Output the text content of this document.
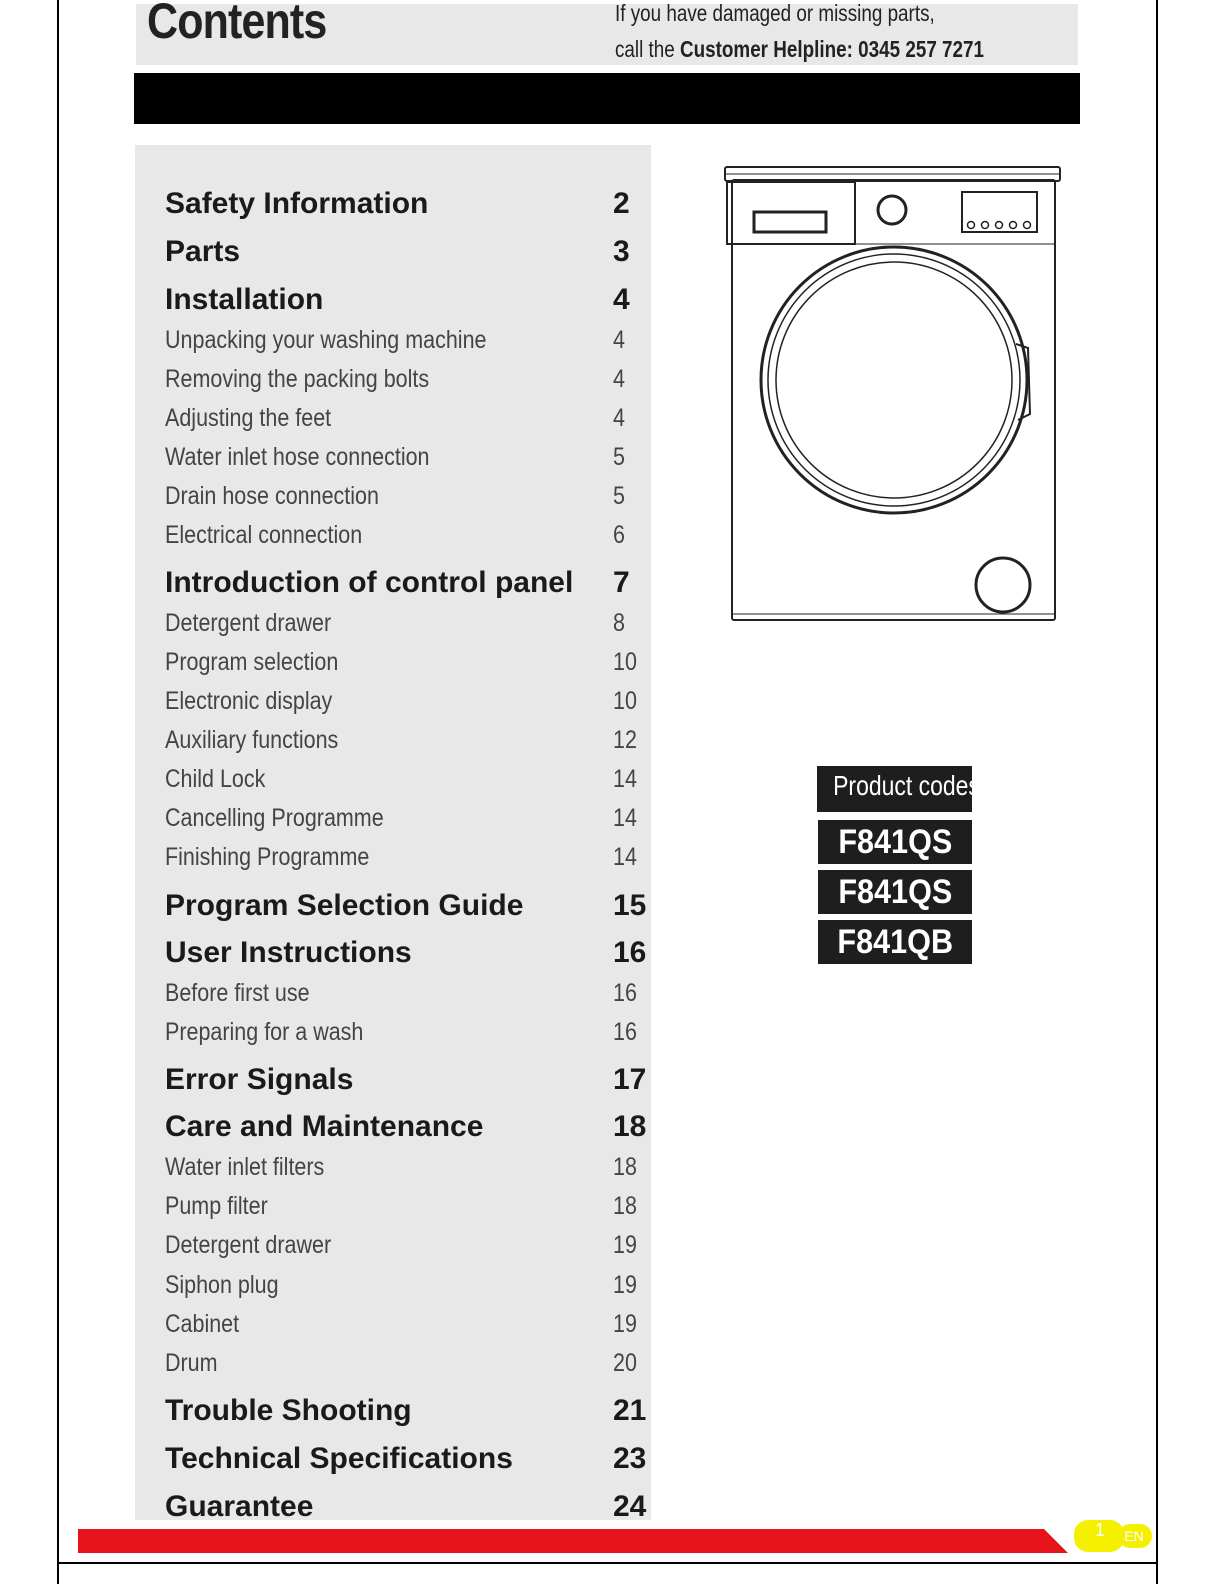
Contents	If you have damaged or missing parts,
call the Customer Helpline: 0345 257 7271
Safety Information	2
Parts	3
Installation	4
Unpacking your washing machine	4
Removing the packing bolts	4
Adjusting the feet	4
Water inlet hose connection	5
Drain hose connection	5
Electrical connection	6
Introduction of control panel 7
Detergent drawer	8
Program selection	10
Electronic display	10
Auxiliary functions	12
Child Lock	14
Cancelling Programme	14
Finishing Programme	14
Program Selection Guide	15
User Instructions	16
Before first use	16
Preparing for a wash	16
Error Signals	17
Care and Maintenance	18
Water inlet filters	18
Pump filter	18
Detergent drawer	19
Siphon plug	19
Cabinet	19
Drum	20
Trouble Shooting	21
Technical Specifications	23
Guarantee	24
Product codes
F841QS
F841QS
F841QB
1 EN
